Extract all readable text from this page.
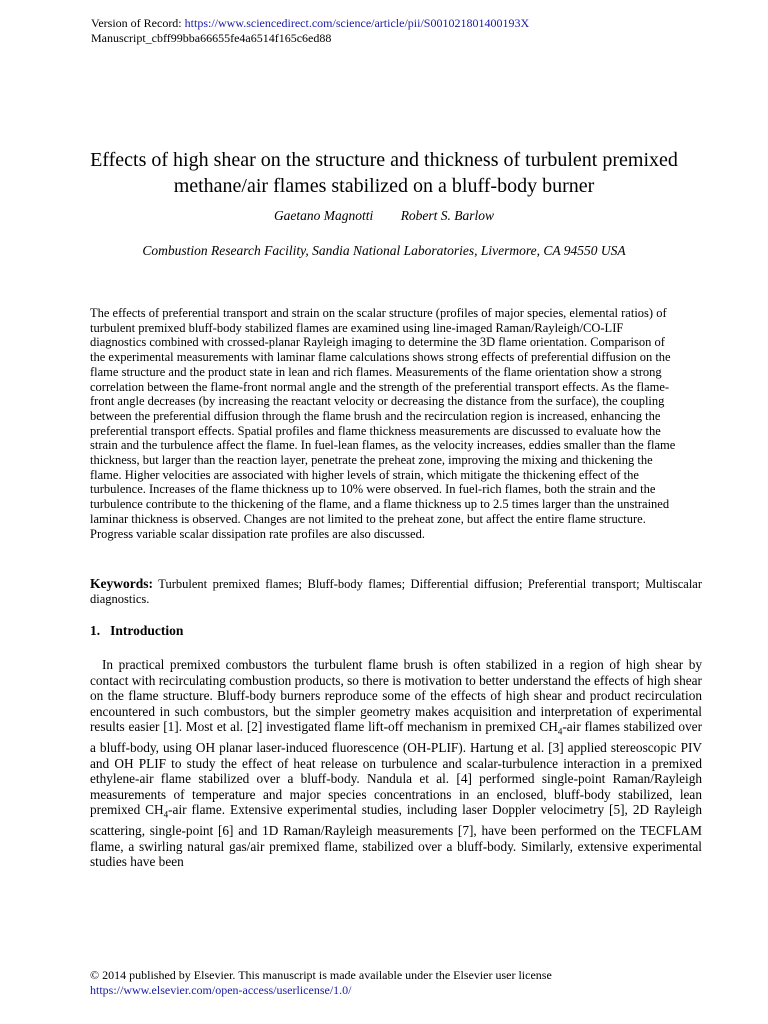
Version of Record: https://www.sciencedirect.com/science/article/pii/S001021801400193X
Manuscript_cbff99bba66655fe4a6514f165c6ed88
Effects of high shear on the structure and thickness of turbulent premixed methane/air flames stabilized on a bluff-body burner
Gaetano Magnotti Robert S. Barlow
Combustion Research Facility, Sandia National Laboratories, Livermore, CA 94550 USA

The effects of preferential transport and strain on the scalar structure (profiles of major species, elemental ratios) of turbulent premixed bluff-body stabilized flames are examined using line-imaged Raman/Rayleigh/CO-LIF diagnostics combined with crossed-planar Rayleigh imaging to determine the 3D flame orientation. Comparison of the experimental measurements with laminar flame calculations shows strong effects of preferential diffusion on the flame structure and the product state in lean and rich flames. Measurements of the flame orientation show a strong correlation between the flame-front normal angle and the strength of the preferential transport effects. As the flame-front angle decreases (by increasing the reactant velocity or decreasing the distance from the surface), the coupling between the preferential diffusion through the flame brush and the recirculation region is increased, enhancing the preferential transport effects. Spatial profiles and flame thickness measurements are discussed to evaluate how the strain and the turbulence affect the flame. In fuel-lean flames, as the velocity increases, eddies smaller than the flame thickness, but larger than the reaction layer, penetrate the preheat zone, improving the mixing and thickening the flame. Higher velocities are associated with higher levels of strain, which mitigate the thickening effect of the turbulence. Increases of the flame thickness up to 10% were observed. In fuel-rich flames, both the strain and the turbulence contribute to the thickening of the flame, and a flame thickness up to 2.5 times larger than the unstrained laminar thickness is observed. Changes are not limited to the preheat zone, but affect the entire flame structure. Progress variable scalar dissipation rate profiles are also discussed.

Keywords: Turbulent premixed flames; Bluff-body flames; Differential diffusion; Preferential transport; Multiscalar diagnostics.

1. Introduction

In practical premixed combustors the turbulent flame brush is often stabilized in a region of high shear by contact with recirculating combustion products, so there is motivation to better understand the effects of high shear on the flame structure. Bluff-body burners reproduce some of the effects of high shear and product recirculation encountered in such combustors, but the simpler geometry makes acquisition and interpretation of experimental results easier [1]. Most et al. [2] investigated flame lift-off mechanism in premixed $CH_4$-air flames stabilized over a bluff-body, using OH planar laser-induced fluorescence (OH-PLIF). Hartung et al. [3] applied stereoscopic PIV and OH PLIF to study the effect of heat release on turbulence and scalar-turbulence interaction in a premixed ethylene-air flame stabilized over a bluff-body. Nandula et al. [4] performed single-point Raman/Rayleigh measurements of temperature and major species concentrations in an enclosed, bluff-body stabilized, lean premixed $CH_4$-air flame. Extensive experimental studies, including laser Doppler velocimetry [5], 2D Rayleigh scattering, single-point [6] and 1D Raman/Rayleigh measurements [7], have been performed on the TECFLAM flame, a swirling natural gas/air premixed flame, stabilized over a bluff-body. Similarly, extensive experimental studies have been

© 2014 published by Elsevier. This manuscript is made available under the Elsevier user license
https://www.elsevier.com/open-access/userlicense/1.0/
